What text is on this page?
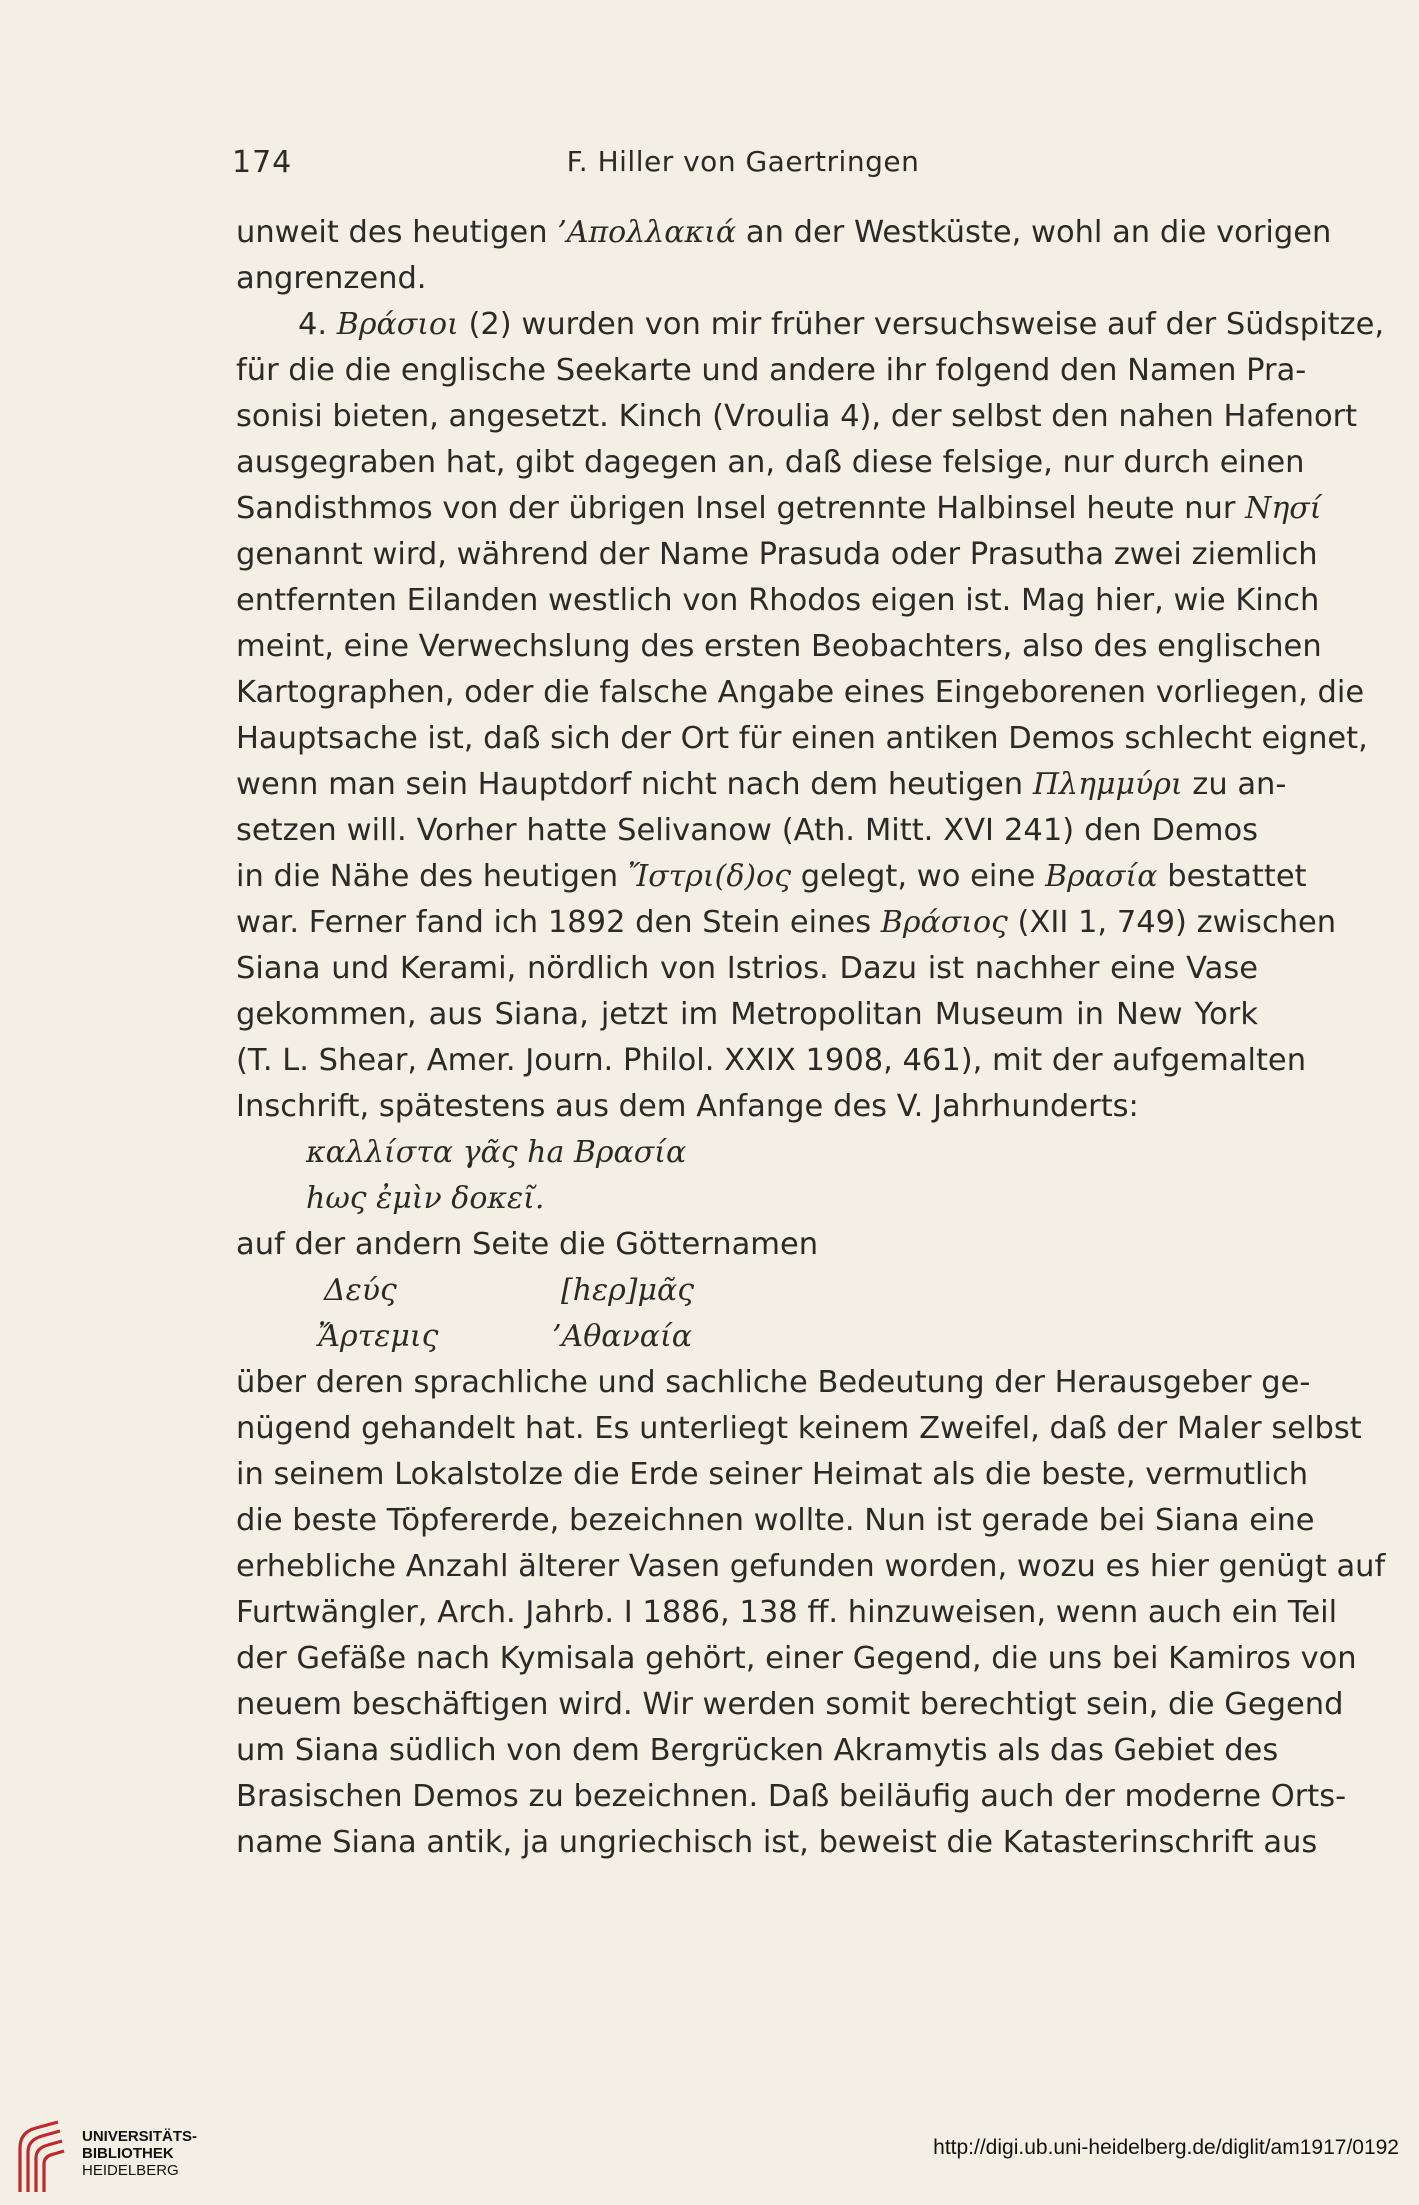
174	F. Hiller von Gaertringen
unweit des heutigen ’Απολλακιά an der Westküste, wohl an die vorigen
angrenzend.
4. Βράσιοι (2) wurden von mir früher versuchsweise auf der Südspitze,
für die die englische Seekarte und andere ihr folgend den Namen Pra-
sonisi bieten, angesetzt. Kinch (Vroulia 4), der selbst den nahen Hafenort
ausgegraben hat, gibt dagegen an, daß diese felsige, nur durch einen
Sandisthmos von der übrigen Insel getrennte Halbinsel heute nur Νησί
genannt wird, während der Name Prasuda oder Prasutha zwei ziemlich
entfernten Eilanden westlich von Rhodos eigen ist. Mag hier, wie Kinch
meint, eine Verwechslung des ersten Beobachters, also des englischen
Kartographen, oder die falsche Angabe eines Eingeborenen vorliegen, die
Hauptsache ist, daß sich der Ort für einen antiken Demos schlecht eignet,
wenn man sein Hauptdorf nicht nach dem heutigen Πλημμύρι zu an-
setzen will. Vorher hatte Selivanow (Ath. Mitt. XVI 241) den Demos
in die Nähe des heutigen Ἴστρι(δ)ος gelegt, wo eine Βρασία bestattet
war. Ferner fand ich 1892 den Stein eines Βράσιος (XII 1, 749) zwischen
Siana und Kerami, nördlich von Istrios. Dazu ist nachher eine Vase
gekommen, aus Siana, jetzt im Metropolitan Museum in New York
(T. L. Shear, Amer. Journ. Philol. XXIX 1908, 461), mit der aufgemalten
Inschrift, spätestens aus dem Anfange des V. Jahrhunderts:
καλλίστα γᾶς ha Βρασία
hως ἐμὶν δοκεῖ.
auf der andern Seite die Götternamen
Δεύς	[hερ]μᾶς
Ἄρτεμις	’Αθαναία
über deren sprachliche und sachliche Bedeutung der Herausgeber ge-
nügend gehandelt hat. Es unterliegt keinem Zweifel, daß der Maler selbst
in seinem Lokalstolze die Erde seiner Heimat als die beste, vermutlich
die beste Töpfererde, bezeichnen wollte. Nun ist gerade bei Siana eine
erhebliche Anzahl älterer Vasen gefunden worden, wozu es hier genügt auf
Furtwängler, Arch. Jahrb. I 1886, 138 ff. hinzuweisen, wenn auch ein Teil
der Gefäße nach Kymisala gehört, einer Gegend, die uns bei Kamiros von
neuem beschäftigen wird. Wir werden somit berechtigt sein, die Gegend
um Siana südlich von dem Bergrücken Akramytis als das Gebiet des
Brasischen Demos zu bezeichnen. Daß beiläufig auch der moderne Orts-
name Siana antik, ja ungriechisch ist, beweist die Katasterinschrift aus
UNIVERSITÄTS-
BIBLIOTHEK
HEIDELBERG
http://digi.ub.uni-heidelberg.de/diglit/am1917/0192
